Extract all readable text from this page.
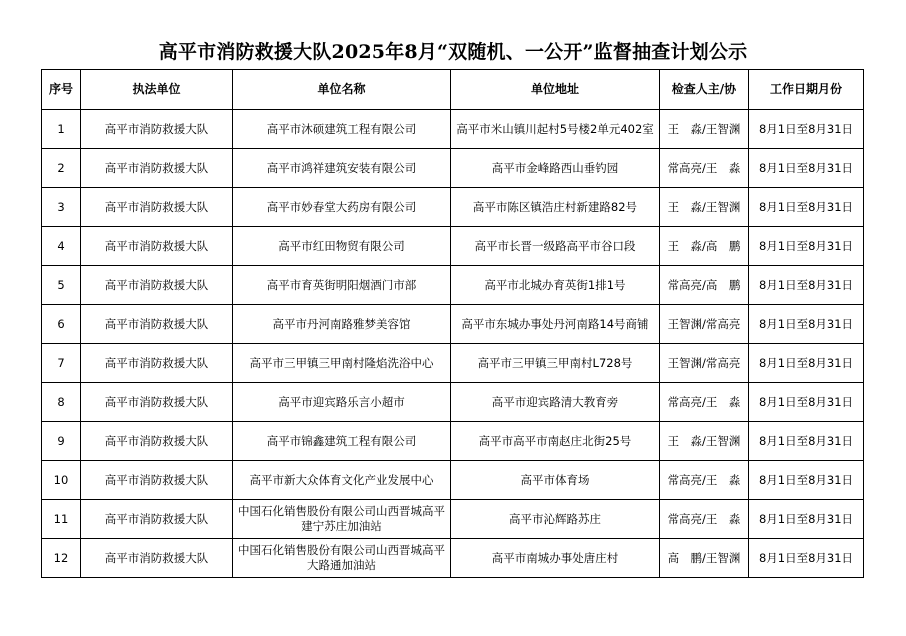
高平市消防救援大队2025年8月“双随机、一公开”监督抽查计划公示
序号	执法单位	单位名称	单位地址	检查人主/协	工作日期月份
1	高平市消防救援大队	高平市沐硕建筑工程有限公司	高平市米山镇川起村5号楼2单元402室	王　淼/王智渊	8月1日至8月31日
2	高平市消防救援大队	高平市鸿祥建筑安装有限公司	高平市金峰路西山垂钓园	常高亮/王　淼	8月1日至8月31日
3	高平市消防救援大队	高平市妙春堂大药房有限公司	高平市陈区镇浩庄村新建路82号	王　淼/王智渊	8月1日至8月31日
4	高平市消防救援大队	高平市红田物贸有限公司	高平市长晋一级路高平市谷口段	王　淼/高　鹏	8月1日至8月31日
5	高平市消防救援大队	高平市育英街明阳烟酒门市部	高平市北城办育英街1排1号	常高亮/高　鹏	8月1日至8月31日
6	高平市消防救援大队	高平市丹河南路雅梦美容馆	高平市东城办事处丹河南路14号商铺	王智渊/常高亮	8月1日至8月31日
7	高平市消防救援大队	高平市三甲镇三甲南村隆焰洗浴中心	高平市三甲镇三甲南村L728号	王智渊/常高亮	8月1日至8月31日
8	高平市消防救援大队	高平市迎宾路乐言小超市	高平市迎宾路清大教育旁	常高亮/王　淼	8月1日至8月31日
9	高平市消防救援大队	高平市锦鑫建筑工程有限公司	高平市高平市南赵庄北街25号	王　淼/王智渊	8月1日至8月31日
10	高平市消防救援大队	高平市新大众体育文化产业发展中心	高平市体育场	常高亮/王　淼	8月1日至8月31日
11	高平市消防救援大队	中国石化销售股份有限公司山西晋城高平建宁苏庄加油站	高平市沁辉路苏庄	常高亮/王　淼	8月1日至8月31日
12	高平市消防救援大队	中国石化销售股份有限公司山西晋城高平大路通加油站	高平市南城办事处唐庄村	高　鹏/王智渊	8月1日至8月31日
